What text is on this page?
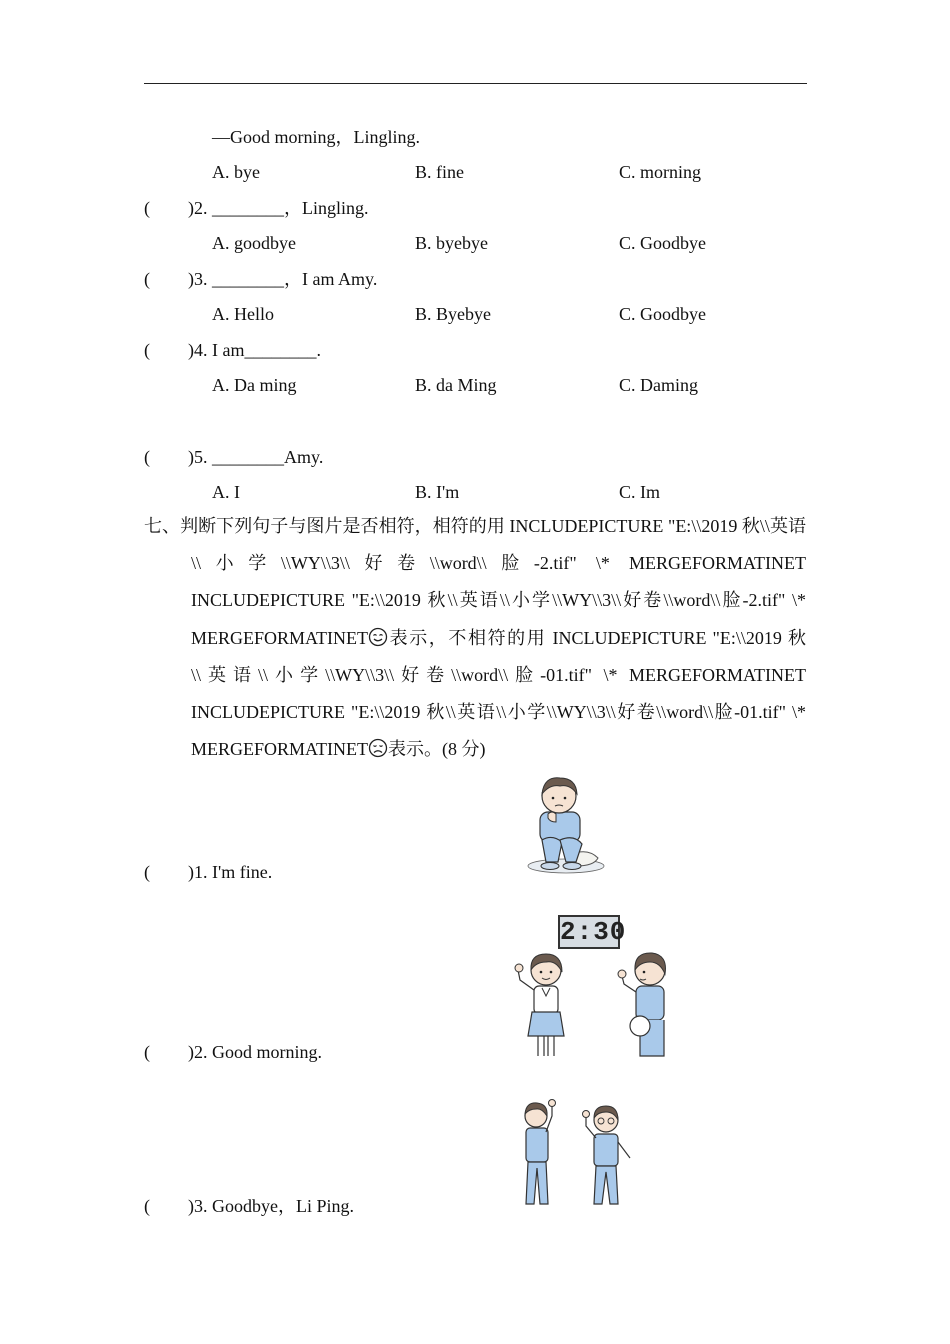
—Good morning，Lingling.
A. bye	B. fine	C. morning
( )2. ________，Lingling.
A. goodbye	B. byebye	C. Goodbye
( )3. ________，I am Amy.
A. Hello	B. Byebye	C. Goodbye
( )4. I am________.
A. Da ming	B. da Ming	C. Daming
( )5. ________Amy.
A. I	B. I'm	C. Im
七、判断下列句子与图片是否相符，相符的用 INCLUDEPICTURE "E:\\2019 秋\\英语\\小学\\WY\\3\\好卷\\word\\脸-2.tif" \* MERGEFORMATINET INCLUDEPICTURE "E:\\2019 秋\\英语\\小学\\WY\\3\\好卷\\word\\脸-2.tif" \* MERGEFORMATINET 表示，不相符的用 INCLUDEPICTURE "E:\\2019 秋\\英语\\小学\\WY\\3\\好卷\\word\\脸-01.tif" \* MERGEFORMATINET INCLUDEPICTURE "E:\\2019 秋\\英语\\小学\\WY\\3\\好卷\\word\\脸-01.tif" \* MERGEFORMATINET 表示。(8 分)
( )1. I'm fine.
( )2. Good morning.
2:30
( )3. Goodbye，Li Ping.
